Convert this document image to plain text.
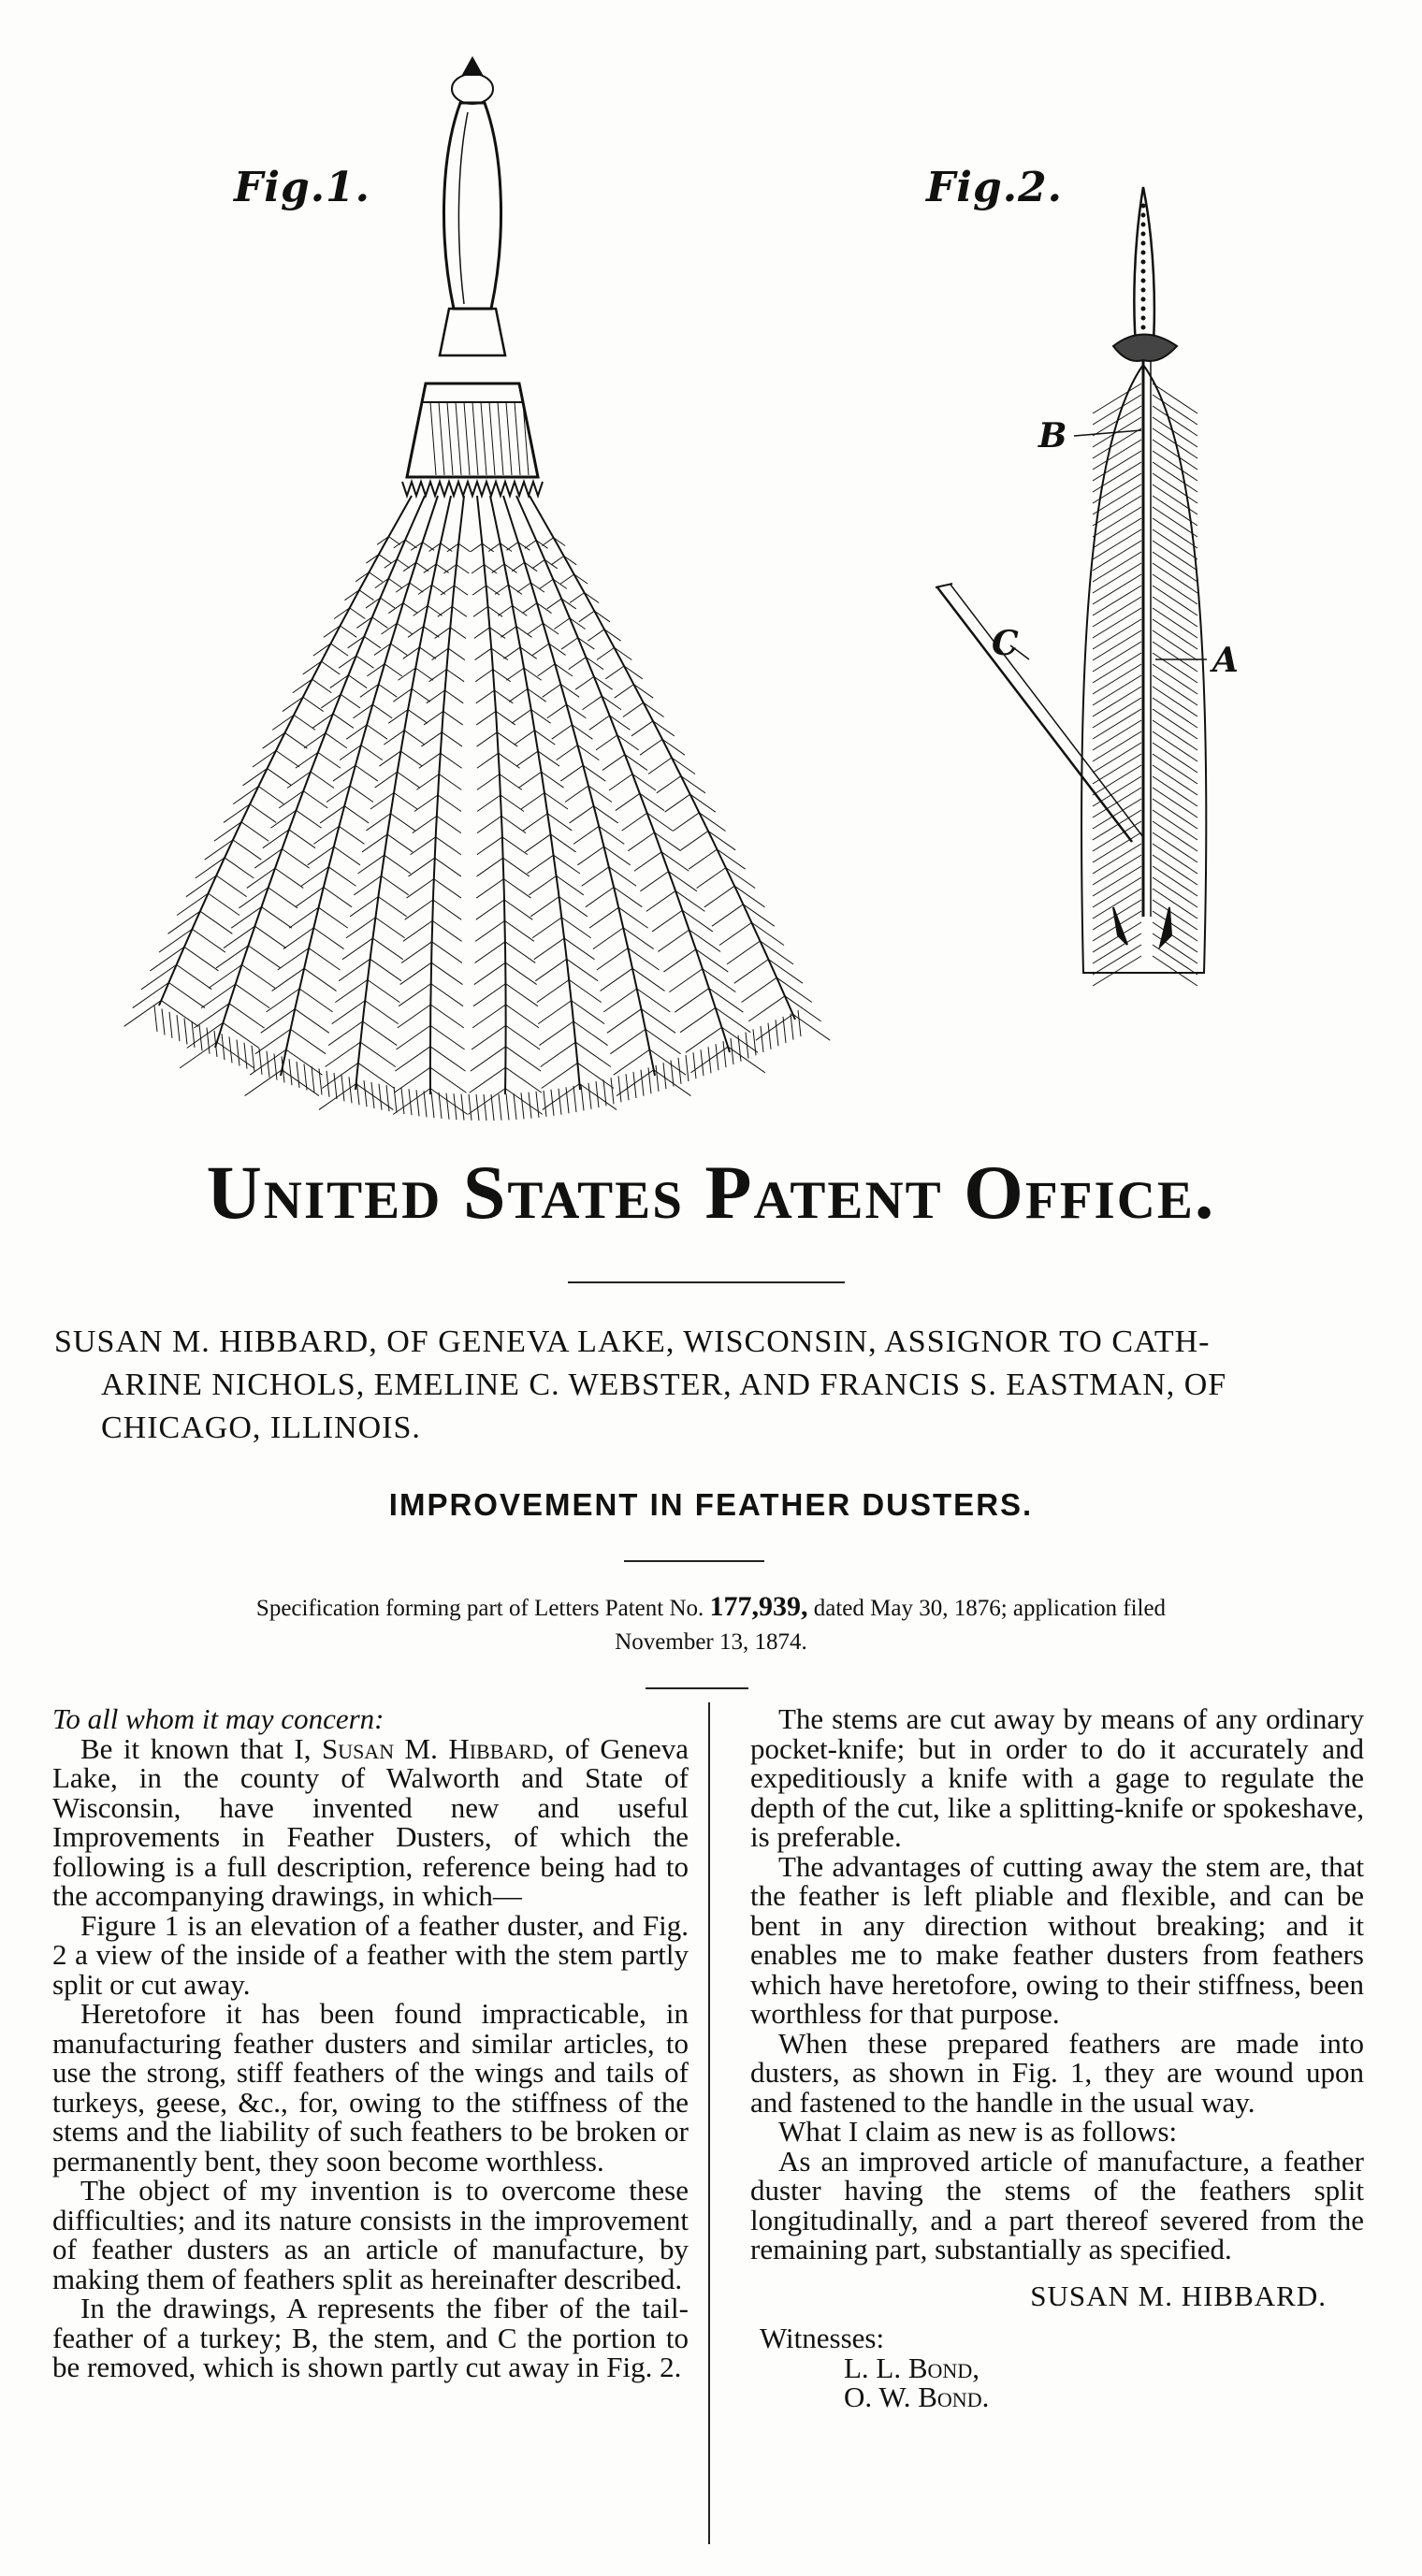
Fig.1.	Fig.2.
B
C	A
United States Patent Office.
SUSAN M. HIBBARD, OF GENEVA LAKE, WISCONSIN, ASSIGNOR TO CATH-
ARINE NICHOLS, EMELINE C. WEBSTER, AND FRANCIS S. EASTMAN, OF
CHICAGO, ILLINOIS.
IMPROVEMENT IN FEATHER DUSTERS.
Specification forming part of Letters Patent No. 177,939, dated May 30, 1876; application filed
November 13, 1874.

To all whom it may concern:

Be it known that I, Susan M. Hibbard, of Geneva Lake, in the county of Walworth and State of Wisconsin, have invented new and useful Improvements in Feather Dusters, of which the following is a full description, reference being had to the accompanying drawings, in which—

Figure 1 is an elevation of a feather duster, and Fig. 2 a view of the inside of a feather with the stem partly split or cut away.

Heretofore it has been found impracticable, in manufacturing feather dusters and similar articles, to use the strong, stiff feathers of the wings and tails of turkeys, geese, &c., for, owing to the stiffness of the stems and the liability of such feathers to be broken or permanently bent, they soon become worthless.

The object of my invention is to overcome these difficulties; and its nature consists in the improvement of feather dusters as an article of manufacture, by making them of feathers split as hereinafter described.

In the drawings, A represents the fiber of the tail-feather of a turkey; B, the stem, and C the portion to be removed, which is shown partly cut away in Fig. 2.

The stems are cut away by means of any ordinary pocket-knife; but in order to do it accurately and expeditiously a knife with a gage to regulate the depth of the cut, like a splitting-knife or spokeshave, is preferable.

The advantages of cutting away the stem are, that the feather is left pliable and flexible, and can be bent in any direction without breaking; and it enables me to make feather dusters from feathers which have heretofore, owing to their stiffness, been worthless for that purpose.

When these prepared feathers are made into dusters, as shown in Fig. 1, they are wound upon and fastened to the handle in the usual way.

What I claim as new is as follows:

As an improved article of manufacture, a feather duster having the stems of the feathers split longitudinally, and a part thereof severed from the remaining part, substantially as specified.

SUSAN M. HIBBARD.

Witnesses:

L. L. Bond,

O. W. Bond.
